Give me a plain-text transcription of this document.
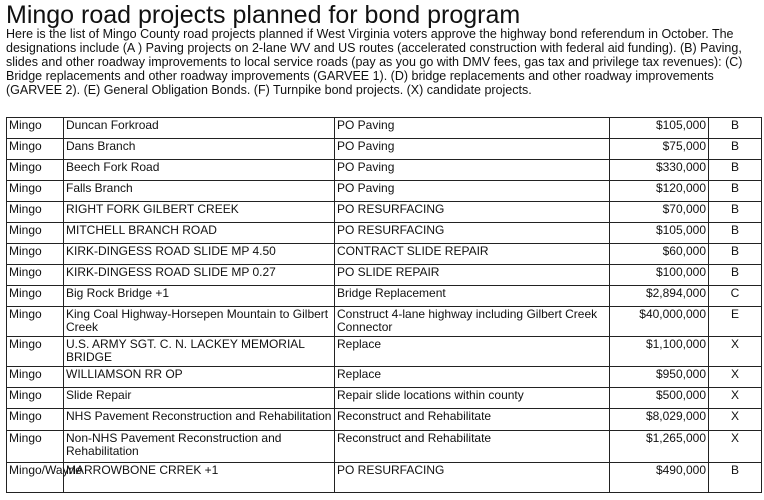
Mingo road projects planned for bond program
Here is the list of Mingo County road projects planned if West Virginia voters approve the highway bond referendum in October. The designations include (A ) Paving projects on 2-lane WV and US routes (accelerated construction with federal aid funding). (B) Paving, slides and other roadway improvements to local service roads (pay as you go with DMV fees, gas tax and privilege tax revenues): (C) Bridge replacements and other roadway improvements (GARVEE 1). (D) bridge replacements and other roadway improvements (GARVEE 2). (E) General Obligation Bonds. (F) Turnpike bond projects. (X) candidate projects.
Mingo	Duncan Forkroad	PO Paving	$105,000	B
Mingo	Dans Branch	PO Paving	$75,000	B
Mingo	Beech Fork Road	PO Paving	$330,000	B
Mingo	Falls Branch	PO Paving	$120,000	B
Mingo	RIGHT FORK GILBERT CREEK	PO RESURFACING	$70,000	B
Mingo	MITCHELL BRANCH ROAD	PO RESURFACING	$105,000	B
Mingo	KIRK-DINGESS ROAD SLIDE MP 4.50	CONTRACT SLIDE REPAIR	$60,000	B
Mingo	KIRK-DINGESS ROAD SLIDE MP 0.27	PO SLIDE REPAIR	$100,000	B
Mingo	Big Rock Bridge +1	Bridge Replacement	$2,894,000	C
Mingo	King Coal Highway-Horsepen Mountain to Gilbert Creek	Construct 4-lane highway including Gilbert Creek Connector	$40,000,000	E
Mingo	U.S. ARMY SGT. C. N. LACKEY MEMORIAL BRIDGE	Replace	$1,100,000	X
Mingo	WILLIAMSON RR OP	Replace	$950,000	X
Mingo	Slide Repair	Repair slide locations within county	$500,000	X
Mingo	NHS Pavement Reconstruction and Rehabilitation	Reconstruct and Rehabilitate	$8,029,000	X
Mingo	Non-NHS Pavement Reconstruction and Rehabilitation	Reconstruct and Rehabilitate	$1,265,000	X
Mingo/Wayne	MARROWBONE CRREK +1	PO RESURFACING	$490,000	B
